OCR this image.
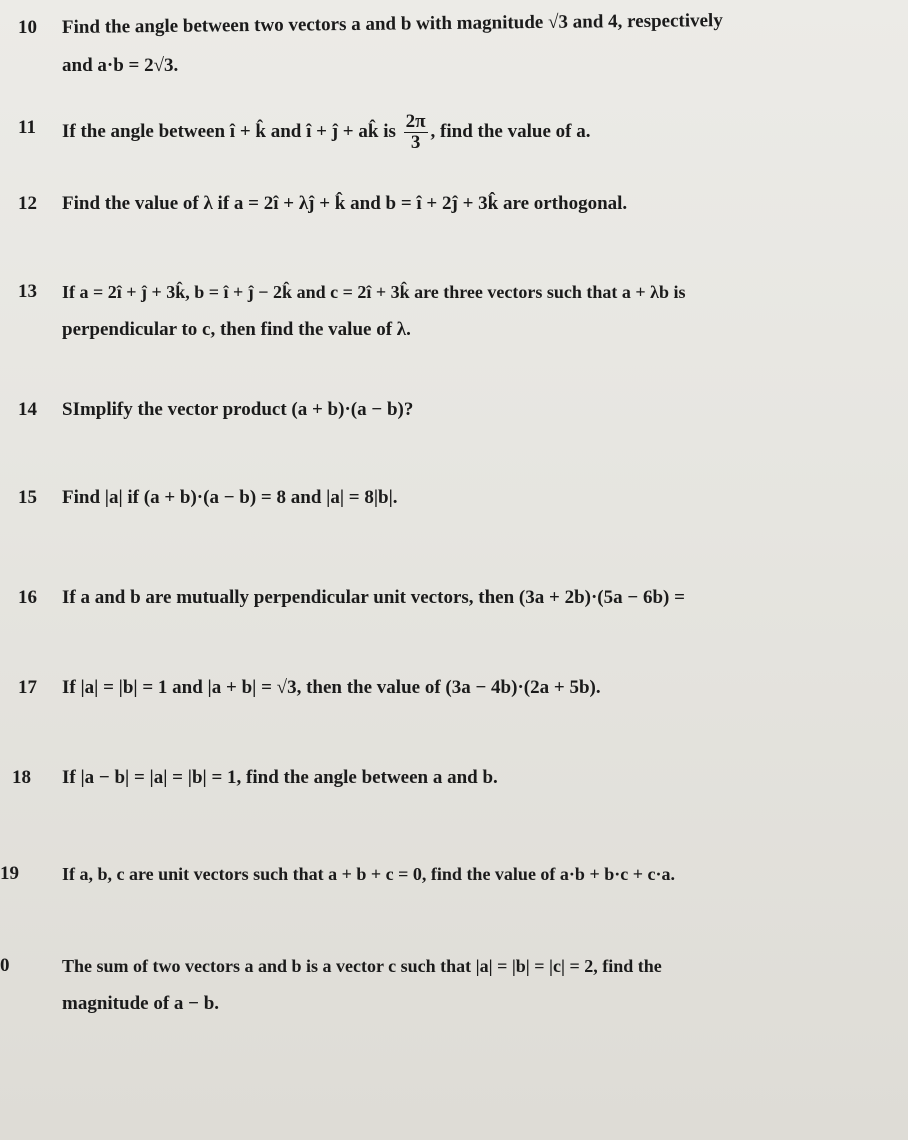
10 Find the angle between two vectors a and b with magnitude √3 and 4, respectively
and a·b = 2√3.
11 If the angle between î + k̂ and î + ĵ + ak̂ is $\frac{2\pi}{3}$ , find the value of a.
12 Find the value of λ if a = 2î + λĵ + k̂ and b = î + 2ĵ + 3k̂ are orthogonal.
13 If a = 2î + ĵ + 3k̂, b = î + ĵ − 2k̂ and c = 2î + 3k̂ are three vectors such that a + λb is
perpendicular to c, then find the value of λ.
14 SImplify the vector product (a + b)·(a − b)?
15 Find |a| if (a + b)·(a − b) = 8 and |a| = 8|b|.
16 If a and b are mutually perpendicular unit vectors, then (3a + 2b)·(5a − 6b) =
17 If |a| = |b| = 1 and |a + b| = √3, then the value of (3a − 4b)·(2a + 5b).
18 If |a − b| = |a| = |b| = 1, find the angle between a and b.
19 If a, b, c are unit vectors such that a + b + c = 0, find the value of a·b + b·c + c·a.
0	The sum of two vectors a and b is a vector c such that |a| = |b| = |c| = 2, find the
magnitude of a − b.
